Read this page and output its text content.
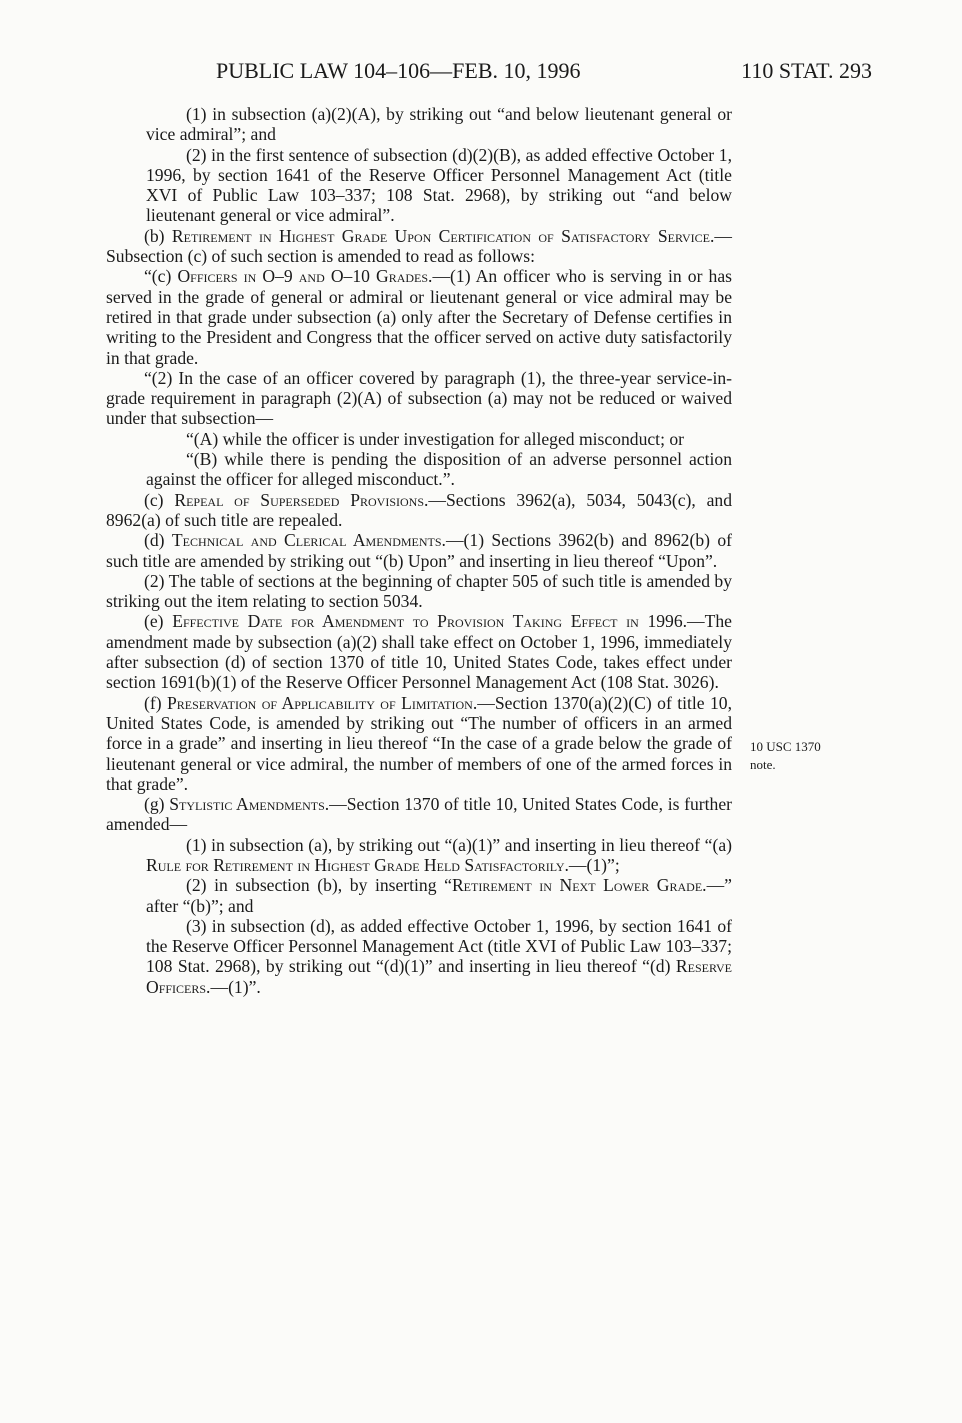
PUBLIC LAW 104–106—FEB. 10, 1996	110 STAT. 293
10 USC 1370
note.

(1) in subsection (a)(2)(A), by striking out “and below lieutenant general or vice admiral”; and

(2) in the first sentence of subsection (d)(2)(B), as added effective October 1, 1996, by section 1641 of the Reserve Officer Personnel Management Act (title XVI of Public Law 103–337; 108 Stat. 2968), by striking out “and below lieutenant general or vice admiral”.

(b) Retirement in Highest Grade Upon Certification of Satisfactory Service.—Subsection (c) of such section is amended to read as follows:

“(c) Officers in O–9 and O–10 Grades.—(1) An officer who is serving in or has served in the grade of general or admiral or lieutenant general or vice admiral may be retired in that grade under subsection (a) only after the Secretary of Defense certifies in writing to the President and Congress that the officer served on active duty satisfactorily in that grade.

“(2) In the case of an officer covered by paragraph (1), the three-year service-in-grade requirement in paragraph (2)(A) of subsection (a) may not be reduced or waived under that subsection—

“(A) while the officer is under investigation for alleged misconduct; or

“(B) while there is pending the disposition of an adverse personnel action against the officer for alleged misconduct.”.

(c) Repeal of Superseded Provisions.—Sections 3962(a), 5034, 5043(c), and 8962(a) of such title are repealed.

(d) Technical and Clerical Amendments.—(1) Sections 3962(b) and 8962(b) of such title are amended by striking out “(b) Upon” and inserting in lieu thereof “Upon”.

(2) The table of sections at the beginning of chapter 505 of such title is amended by striking out the item relating to section 5034.

(e) Effective Date for Amendment to Provision Taking Effect in 1996.—The amendment made by subsection (a)(2) shall take effect on October 1, 1996, immediately after subsection (d) of section 1370 of title 10, United States Code, takes effect under section 1691(b)(1) of the Reserve Officer Personnel Management Act (108 Stat. 3026).

(f) Preservation of Applicability of Limitation.—Section 1370(a)(2)(C) of title 10, United States Code, is amended by striking out “The number of officers in an armed force in a grade” and inserting in lieu thereof “In the case of a grade below the grade of lieutenant general or vice admiral, the number of members of one of the armed forces in that grade”.

(g) Stylistic Amendments.—Section 1370 of title 10, United States Code, is further amended—

(1) in subsection (a), by striking out “(a)(1)” and inserting in lieu thereof “(a) Rule for Retirement in Highest Grade Held Satisfactorily.—(1)”;

(2) in subsection (b), by inserting “Retirement in Next Lower Grade.—” after “(b)”; and

(3) in subsection (d), as added effective October 1, 1996, by section 1641 of the Reserve Officer Personnel Management Act (title XVI of Public Law 103–337; 108 Stat. 2968), by striking out “(d)(1)” and inserting in lieu thereof “(d) Reserve Officers.—(1)”.
